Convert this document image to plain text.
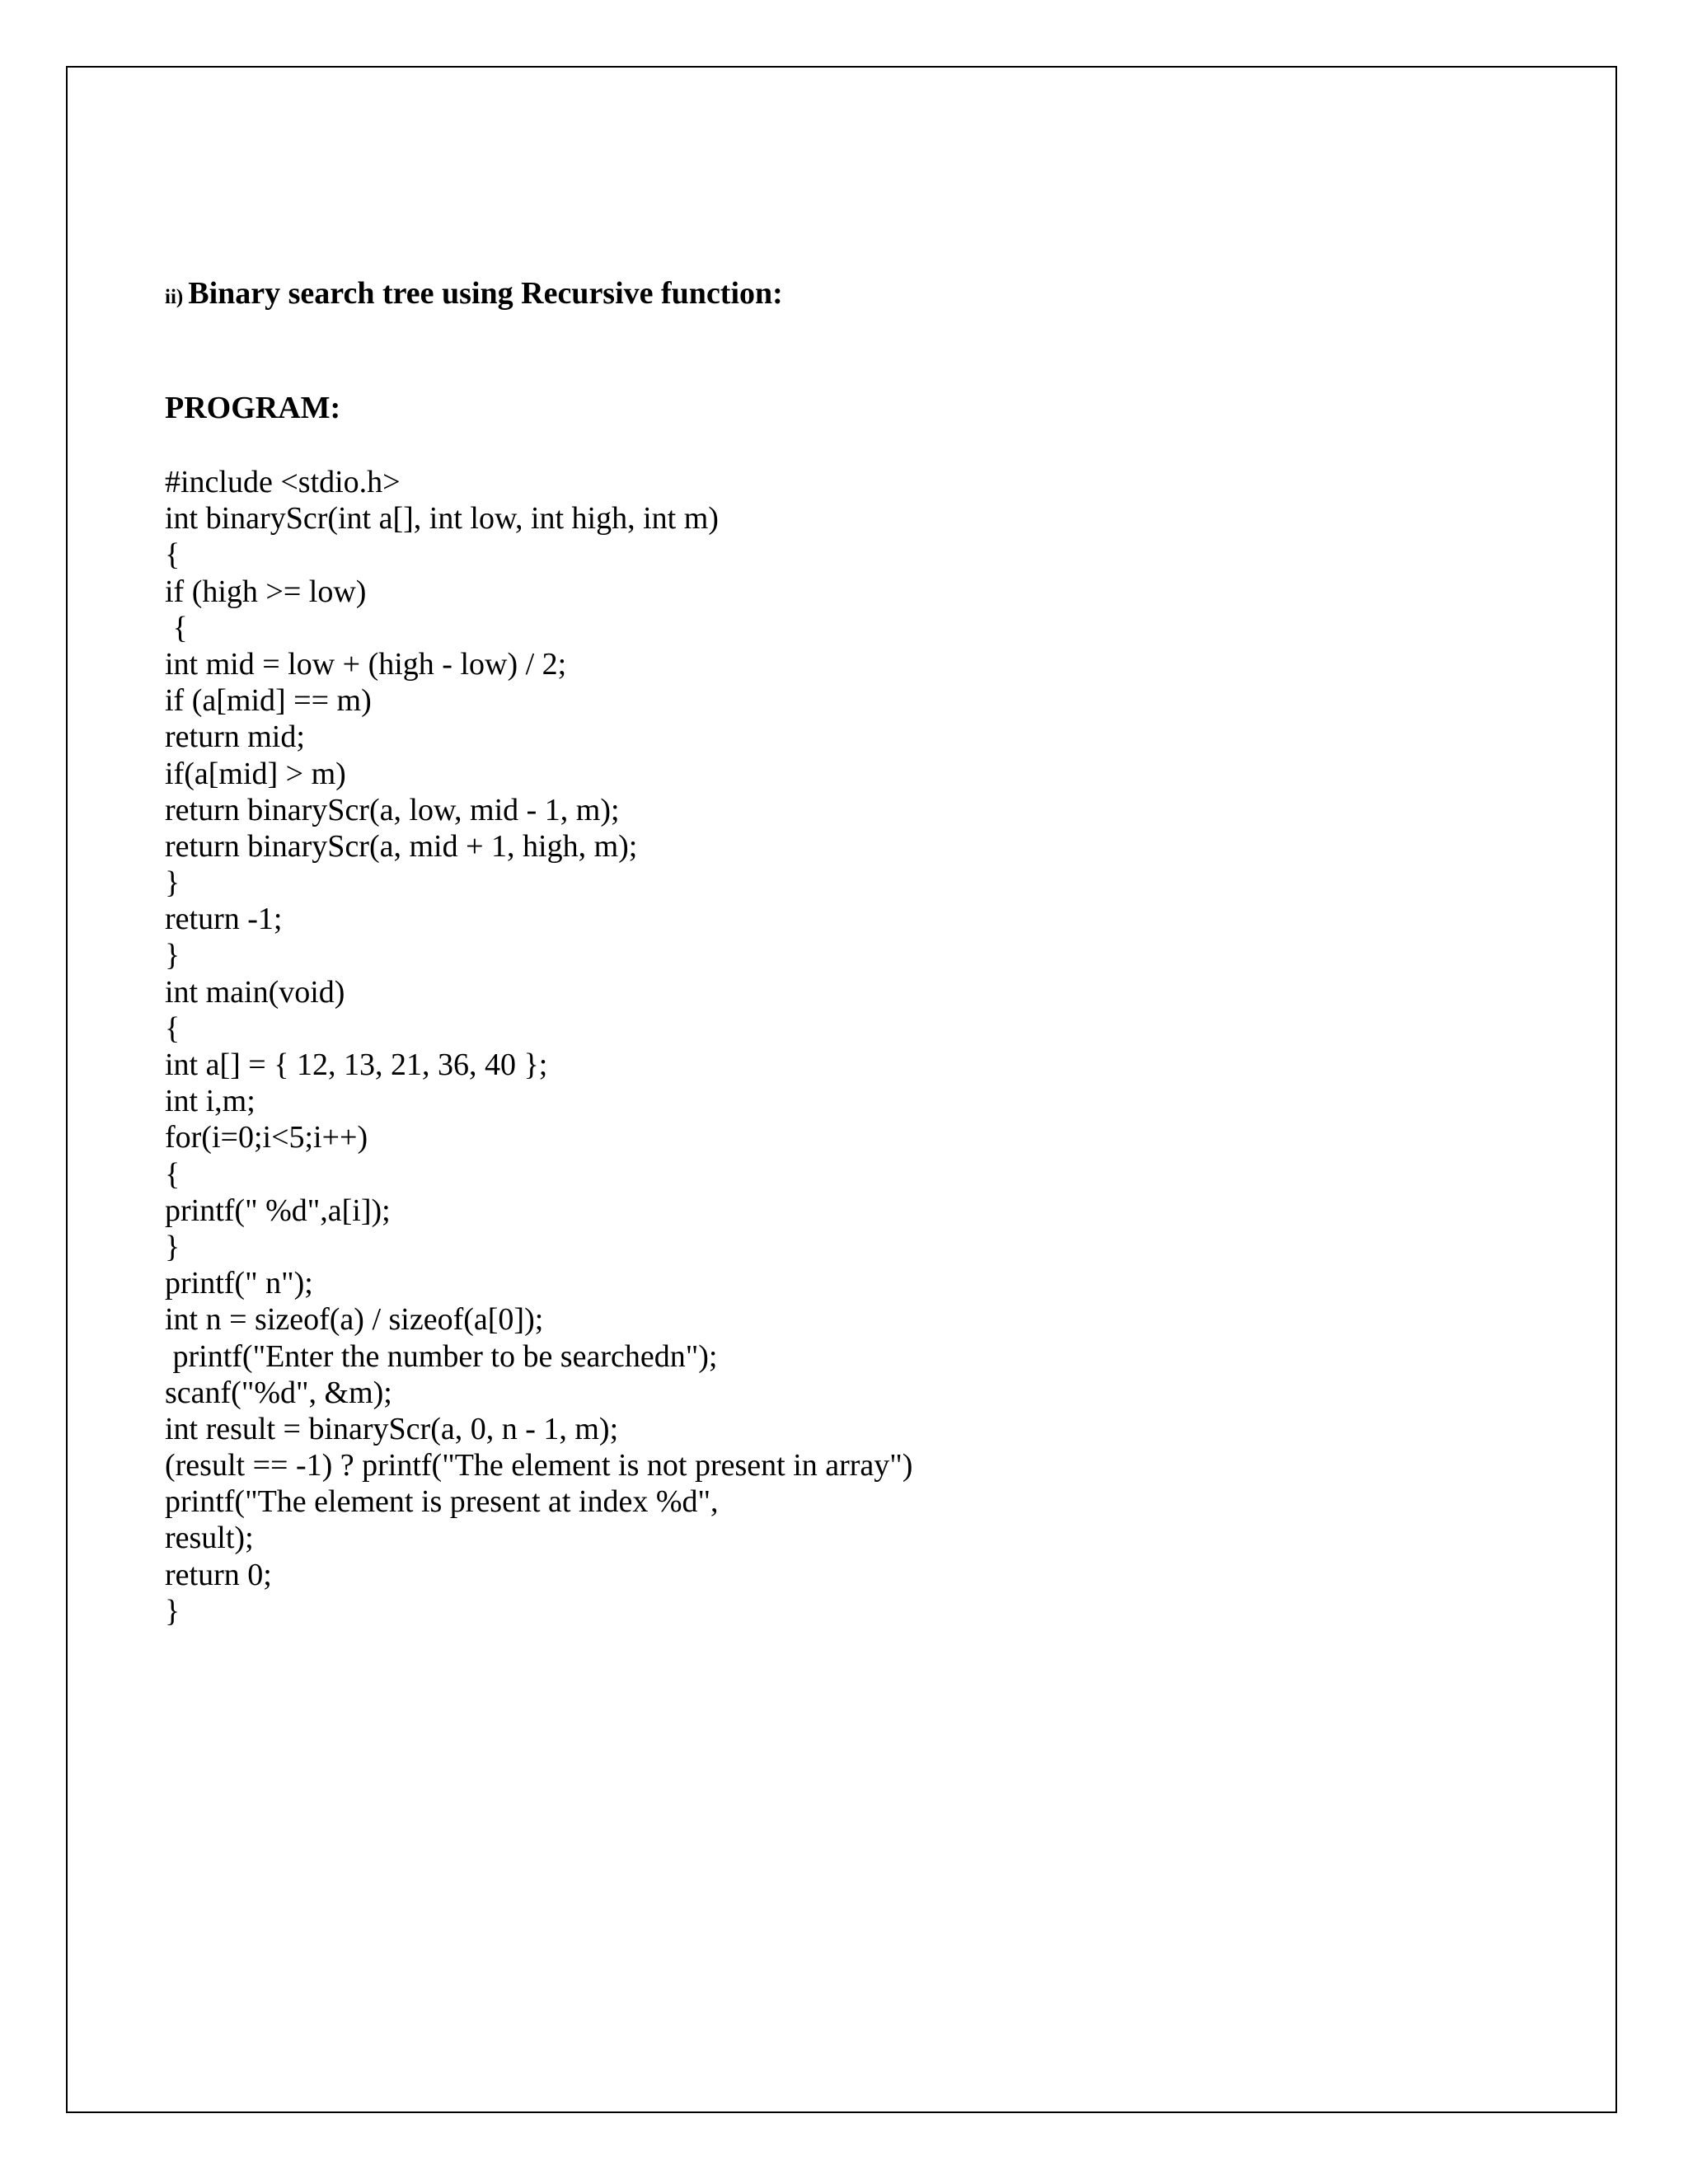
ii) Binary search tree using Recursive function:
PROGRAM:
#include <stdio.h>
int binaryScr(int a[], int low, int high, int m)
{
if (high >= low)
{
int mid = low + (high - low) / 2;
if (a[mid] == m)
return mid;
if(a[mid] > m)
return binaryScr(a, low, mid - 1, m);
return binaryScr(a, mid + 1, high, m);
}
return -1;
}
int main(void)
{
int a[] = { 12, 13, 21, 36, 40 };
int i,m;
for(i=0;i<5;i++)
{
printf(" %d",a[i]);
}
printf(" n");
int n = sizeof(a) / sizeof(a[0]);
printf("Enter the number to be searchedn");
scanf("%d", &m);
int result = binaryScr(a, 0, n - 1, m);
(result == -1) ? printf("The element is not present in array")
printf("The element is present at index %d",
result);
return 0;
}
